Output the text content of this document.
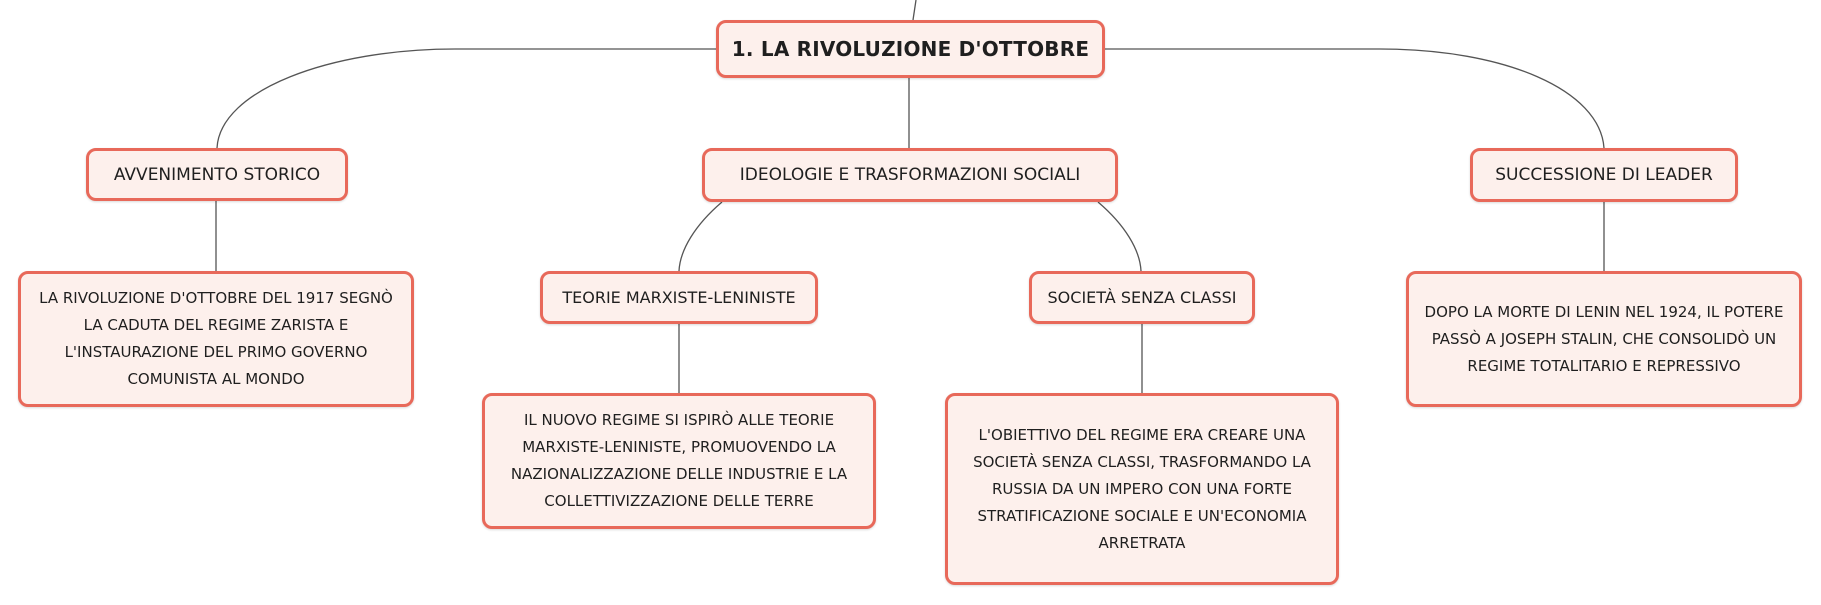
1. LA RIVOLUZIONE D'OTTOBRE
AVVENIMENTO STORICO	IDEOLOGIE E TRASFORMAZIONI SOCIALI	SUCCESSIONE DI LEADER
TEORIE MARXISTE-LENINISTE	SOCIETÀ SENZA CLASSI
LA RIVOLUZIONE D'OTTOBRE DEL 1917 SEGNÒ LA CADUTA DEL REGIME ZARISTA E L'INSTAURAZIONE DEL PRIMO GOVERNO COMUNISTA AL MONDO
IL NUOVO REGIME SI ISPIRÒ ALLE TEORIE MARXISTE-LENINISTE, PROMUOVENDO LA NAZIONALIZZAZIONE DELLE INDUSTRIE E LA COLLETTIVIZZAZIONE DELLE TERRE
L'OBIETTIVO DEL REGIME ERA CREARE UNA SOCIETÀ SENZA CLASSI, TRASFORMANDO LA RUSSIA DA UN IMPERO CON UNA FORTE STRATIFICAZIONE SOCIALE E UN'ECONOMIA ARRETRATA
DOPO LA MORTE DI LENIN NEL 1924, IL POTERE PASSÒ A JOSEPH STALIN, CHE CONSOLIDÒ UN REGIME TOTALITARIO E REPRESSIVO
